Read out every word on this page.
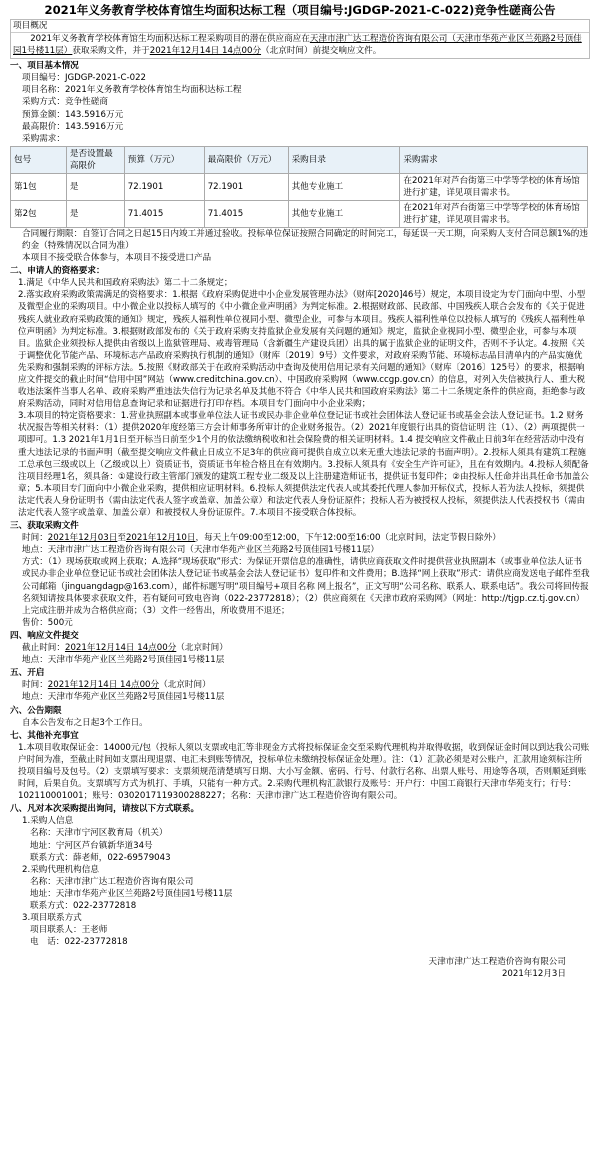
2021年义务教育学校体育馆生均面积达标工程（项目编号:JGDGP-2021-C-022)竞争性磋商公告
项目概况
2021年义务教育学校体育馆生均面积达标工程采购项目的潜在供应商应在天津市津广达工程造价咨询有限公司（天津市华苑产业区兰苑路2号顶佳园1号楼11层）获取采购文件，并于2021年12月14日 14点00分（北京时间）前提交响应文件。
一、项目基本情况
项目编号：JGDGP-2021-C-022
项目名称：2021年义务教育学校体育馆生均面积达标工程
采购方式：竞争性磋商
预算金额：143.5916万元
最高限价：143.5916万元
采购需求：
包号	是否设置最高限价	预算（万元）	最高限价（万元）	采购目录	采购需求
第1包	是	72.1901	72.1901	其他专业施工	在2021年对芦台街第三中学等学校的体育场馆进行扩建，详见项目需求书。
第2包	是	71.4015	71.4015	其他专业施工	在2021年对芦台街第三中学等学校的体育场馆进行扩建，详见项目需求书。
合同履行期限：自签订合同之日起15日内竣工并通过验收。投标单位保证按照合同确定的时间完工，每延误一天工期，向采购人支付合同总额1%的违约金（特殊情况以合同为准）
本项目不接受联合体参与，本项目不接受进口产品
二、申请人的资格要求：
1.满足《中华人民共和国政府采购法》第二十二条规定；
2.落实政府采购政策需满足的资格要求：1.根据《政府采购促进中小企业发展管理办法》（财库[2020]46号）规定，本项目设定为专门面向中型、小型及微型企业的采购项目。中小微企业以投标人填写的《中小微企业声明函》为判定标准。2.根据财政部、民政部、中国残疾人联合会发布的《关于促进残疾人就业政府采购政策的通知》规定，残疾人福利性单位视同小型、微型企业，可参与本项目。残疾人福利性单位以投标人填写的《残疾人福利性单位声明函》为判定标准。3.根据财政部发布的《关于政府采购支持监狱企业发展有关问题的通知》规定，监狱企业视同小型、微型企业，可参与本项目。监狱企业须投标人提供由省级以上监狱管理局、戒毒管理局（含新疆生产建设兵团）出具的属于监狱企业的证明文件，否则不予认定。4.按照《关于调整优化节能产品、环境标志产品政府采购执行机制的通知》（财库〔2019〕9号）文件要求，对政府采购节能、环境标志品目清单内的产品实施优先采购和强制采购的评标方法。5.按照《财政部关于在政府采购活动中查询及使用信用记录有关问题的通知》（财库〔2016〕125号）的要求，根据响应文件提交的截止时间“信用中国”网站（www.creditchina.gov.cn）、中国政府采购网（www.ccgp.gov.cn）的信息，对列入失信被执行人、重大税收违法案件当事人名单、政府采购严重违法失信行为记录名单及其他不符合《中华人民共和国政府采购法》第二十二条规定条件的供应商，拒绝参与政府采购活动，同时对信用信息查询记录和证据进行打印存档。本项目专门面向中小企业采购；
3.本项目的特定资格要求：1.营业执照副本或事业单位法人证书或民办非企业单位登记证书或社会团体法人登记证书或基金会法人登记证书。1.2 财务状况报告等相关材料：（1）提供2020年度经第三方会计师事务所审计的企业财务报告。（2）2021年度银行出具的资信证明 注（1）、（2）两项提供一项即可。1.3 2021年1月1日至开标当日前至少1个月的依法缴纳税收和社会保险费的相关证明材料。1.4 提交响应文件截止日前3年在经营活动中没有重大违法记录的书面声明（截至提交响应文件截止日成立不足3年的供应商可提供自成立以来无重大违法记录的书面声明）。2.投标人须具有建筑工程施工总承包三级或以上（乙级或以上）资质证书，资质证书年检合格且在有效期内。3.投标人须具有《安全生产许可证》，且在有效期内。4.投标人须配备注项目经理1名，须具备：①建设行政主管部门颁发的建筑工程专业二级及以上注册建造师证书，提供证书复印件；②由投标人任命并出具任命书加盖公章；5.本项目专门面向中小微企业采购，提供相应证明材料。6.投标人须提供法定代表人或其委托代理人参加开标仪式，投标人若为法人投标，须提供法定代表人身份证明书（需由法定代表人签字或盖章、加盖公章）和法定代表人身份证原件；投标人若为被授权人投标，须提供法人代表授权书（需由法定代表人签字或盖章、加盖公章）和被授权人身份证原件。7.本项目不接受联合体投标。
三、获取采购文件
时间：2021年12月03日至2021年12月10日，每天上午09:00至12:00，下午12:00至16:00（北京时间，法定节假日除外）
地点：天津市津广达工程造价咨询有限公司（天津市华苑产业区兰苑路2号顶佳园1号楼11层）
方式：（1）现场获取或网上获取；A.选择“现场获取”形式：为保证开票信息的准确性，请供应商获取文件时提供营业执照副本（或事业单位法人证书或民办非企业单位登记证书或社会团体法人登记证书或基金会法人登记证书）复印件和文件费用；B.选择“网上获取”形式：请供应商发送电子邮件至我公司邮箱（jinguangdagp@163.com），邮件标题写明“项目编号+项目名称 网上报名”，正文写明“公司名称、联系人、联系电话”。我公司将回传报名须知请按具体要求获取文件，若有疑问可致电咨询（022-23772818）；（2）供应商须在《天津市政府采购网》（网址：http://tjgp.cz.tj.gov.cn）上完成注册并成为合格供应商；（3）文件一经售出，所收费用不退还；
售价：500元
四、响应文件提交
截止时间：2021年12月14日 14点00分（北京时间）
地点：天津市华苑产业区兰苑路2号顶佳园1号楼11层
五、开启
时间：2021年12月14日 14点00分（北京时间）
地点：天津市华苑产业区兰苑路2号顶佳园1号楼11层
六、公告期限
自本公告发布之日起3个工作日。
七、其他补充事宜
1.本项目收取保证金：14000元/包（投标人须以支票或电汇等非现金方式将投标保证金交至采购代理机构并取得收据，收到保证金时间以到达我公司账户时间为准，至截止时间如支票出现退票、电汇未到账等情况，投标单位未缴纳投标保证金处理）。注：（1）汇款必须是对公账户，汇款用途须标注所投项目编号及包号。（2）支票填写要求：支票须规范清楚填写日期、大小写金额、密码、行号、付款行名称、出票人账号、用途等各项，否则顺延到账时间，后果自负。支票填写方式为机打、手填，只能有一种方式。2.采购代理机构汇款银行及账号：开户行：中国工商银行天津市华苑支行；行号：102110001001；账号：0302017119300288227；名称：天津市津广达工程造价咨询有限公司。
八、凡对本次采购提出询问，请按以下方式联系。
1.采购人信息
名称：天津市宁河区教育局（机关）
地址：宁河区芦台镇新华道34号
联系方式：薛老师，022-69579043
2.采购代理机构信息
名称：天津市津广达工程造价咨询有限公司
地址：天津市华苑产业区兰苑路2号顶佳园1号楼11层
联系方式：022-23772818
3.项目联系方式
项目联系人：王老师
电　话：022-23772818
天津市津广达工程造价咨询有限公司
2021年12月3日
